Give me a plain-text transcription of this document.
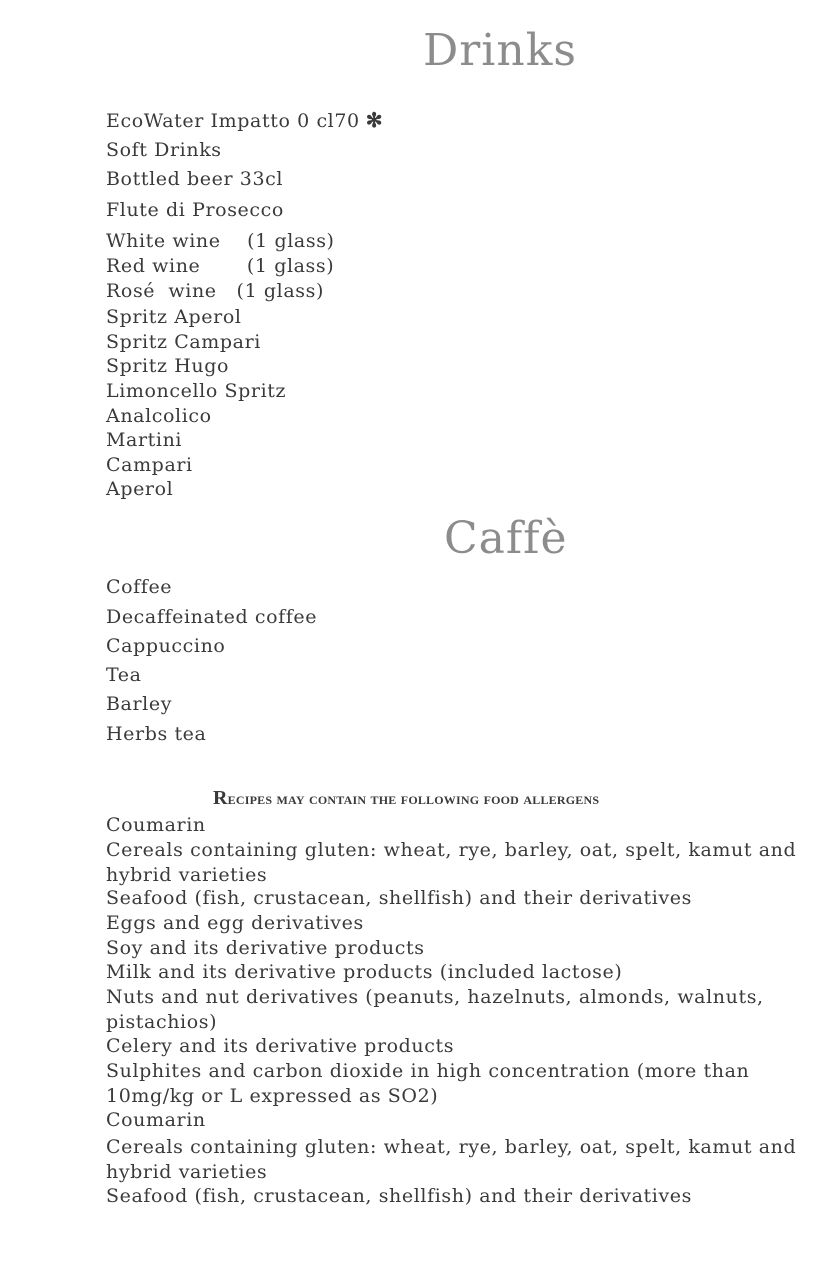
Drinks
EcoWater Impatto 0 cl70 ✻
Soft Drinks
Bottled beer 33cl
Flute di Prosecco
White wine    (1 glass)
Red wine       (1 glass)
Rosé  wine   (1 glass)
Spritz Aperol
Spritz Campari
Spritz Hugo
Limoncello Spritz
Analcolico
Martini
Campari
Aperol
Caffè
Coffee
Decaffeinated coffee
Cappuccino
Tea
Barley
Herbs tea
Recipes may contain the following food allergens
Coumarin
Cereals containing gluten: wheat, rye, barley, oat, spelt, kamut and hybrid varieties
Seafood (fish, crustacean, shellfish) and their derivatives
Eggs and egg derivatives
Soy and its derivative products
Milk and its derivative products (included lactose)
Nuts and nut derivatives (peanuts, hazelnuts, almonds, walnuts, pistachios)
Celery and its derivative products
Sulphites and carbon dioxide in high concentration (more than 10mg/kg or L expressed as SO2)
Coumarin
Cereals containing gluten: wheat, rye, barley, oat, spelt, kamut and hybrid varieties
Seafood (fish, crustacean, shellfish) and their derivatives
